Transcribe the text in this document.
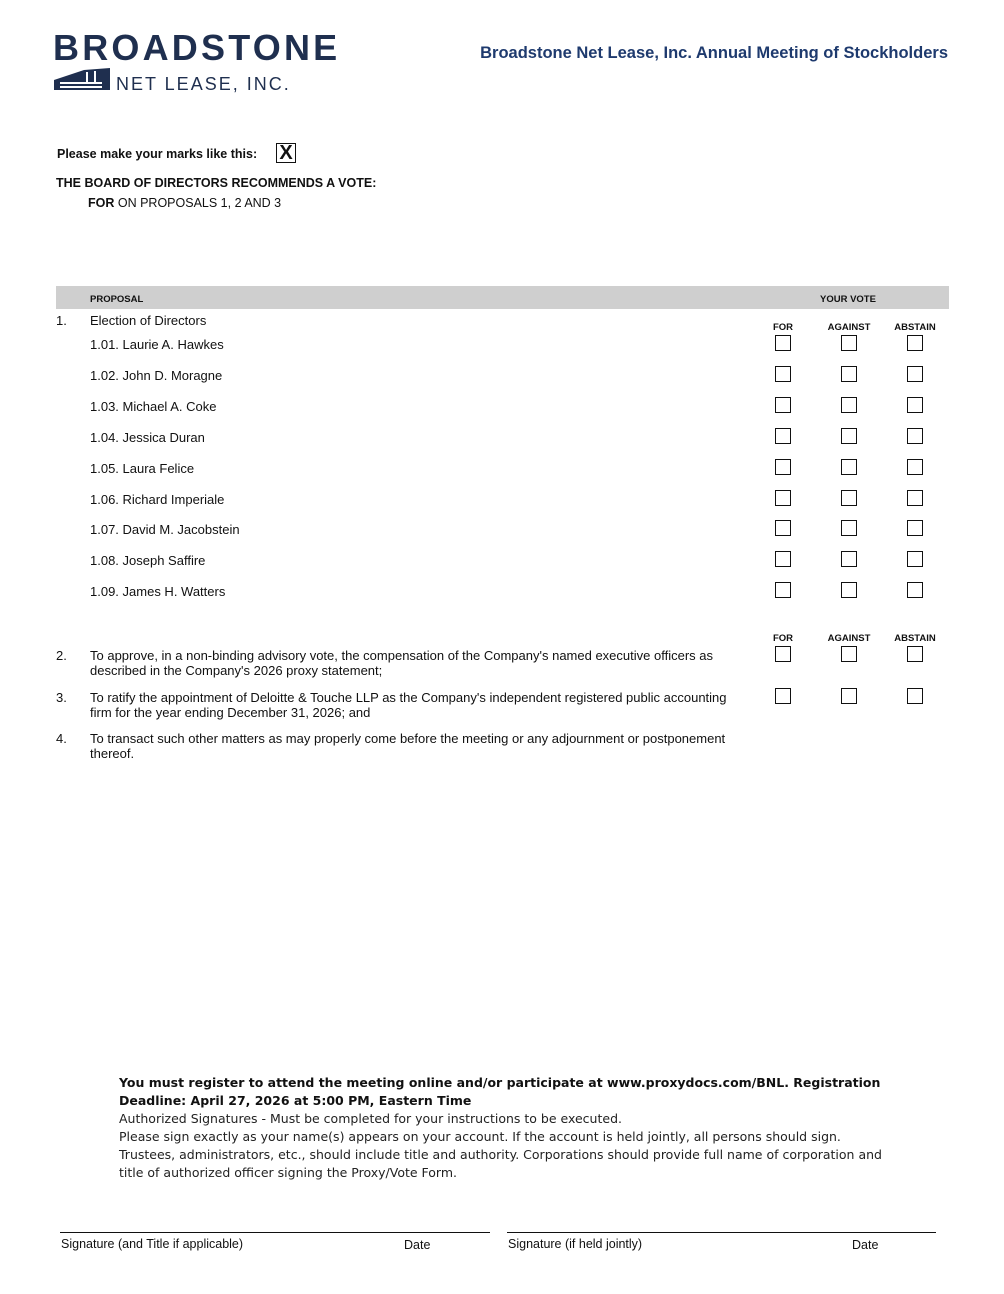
BROADSTONE
NET LEASE, INC.
Broadstone Net Lease, Inc. Annual Meeting of Stockholders
Please make your marks like this: X
THE BOARD OF DIRECTORS RECOMMENDS A VOTE:
FOR ON PROPOSALS 1, 2 AND 3
PROPOSAL	YOUR VOTE
1. Election of Directors	FOR	AGAINST	ABSTAIN
1.01. Laurie A. Hawkes
1.02. John D. Moragne
1.03. Michael A. Coke
1.04. Jessica Duran
1.05. Laura Felice
1.06. Richard Imperiale
1.07. David M. Jacobstein
1.08. Joseph Saffire
1.09. James H. Watters
FOR	AGAINST	ABSTAIN
2. To approve, in a non-binding advisory vote, the compensation of the Company's named executive officers as
described in the Company's 2026 proxy statement;
3. To ratify the appointment of Deloitte & Touche LLP as the Company's independent registered public accounting
firm for the year ending December 31, 2026; and
4. To transact such other matters as may properly come before the meeting or any adjournment or postponement
thereof.

You must register to attend the meeting online and/or participate at www.proxydocs.com/BNL. Registration

Deadline: April 27, 2026 at 5:00 PM, Eastern Time

Authorized Signatures - Must be completed for your instructions to be executed.

Please sign exactly as your name(s) appears on your account. If the account is held jointly, all persons should sign.

Trustees, administrators, etc., should include title and authority. Corporations should provide full name of corporation and

title of authorized officer signing the Proxy/Vote Form.

Signature (and Title if applicable)	Date	Signature (if held jointly)	Date
